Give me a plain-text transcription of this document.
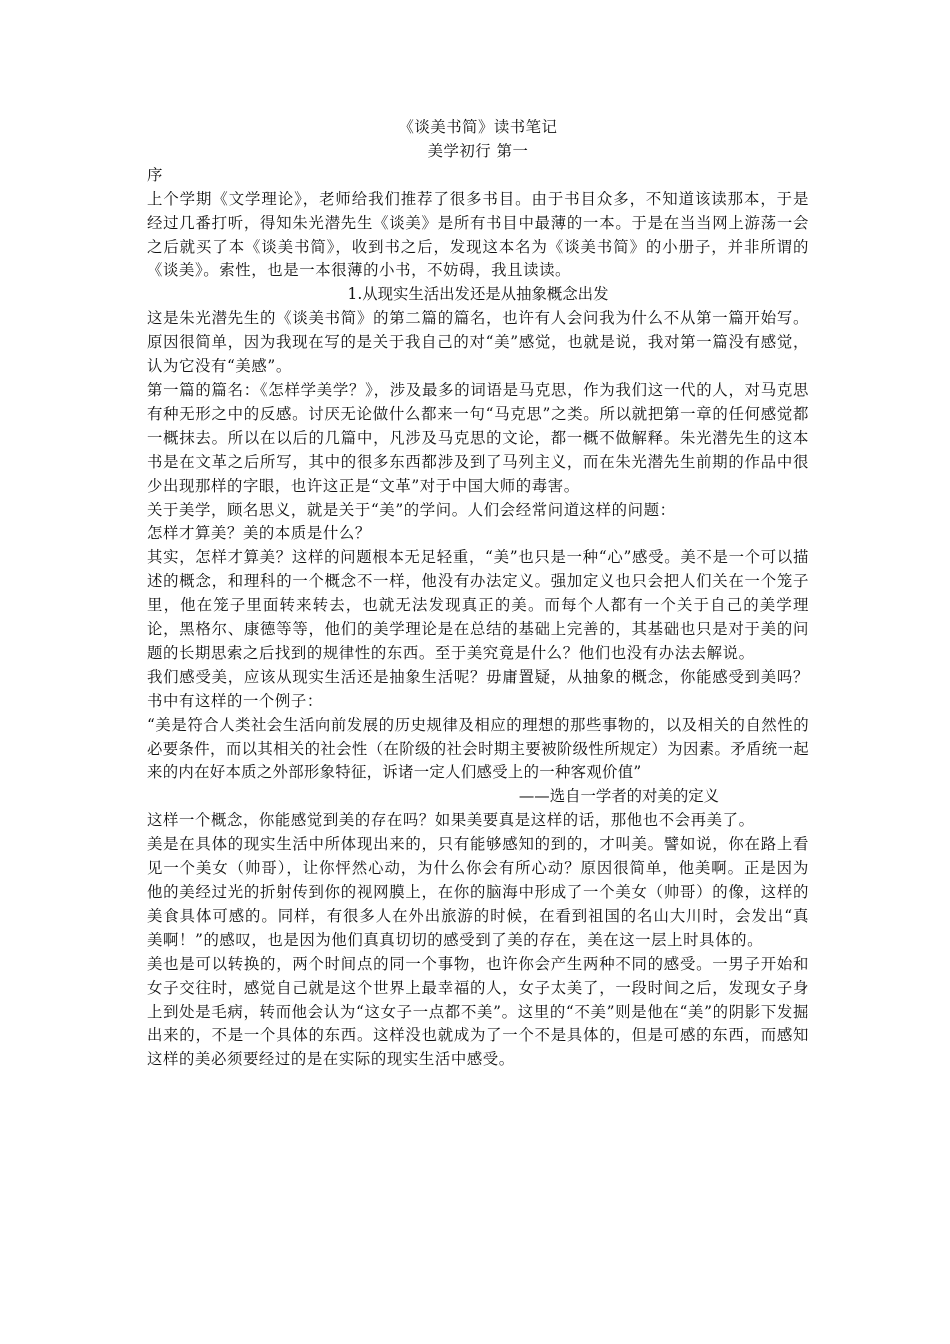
《谈美书简》读书笔记
美学初行 第一
序

上个学期《文学理论》，老师给我们推荐了很多书目。由于书目众多，不知道该读那本，于是经过几番打听，得知朱光潜先生《谈美》是所有书目中最薄的一本。于是在当当网上游荡一会之后就买了本《谈美书简》，收到书之后，发现这本名为《谈美书简》的小册子，并非所谓的《谈美》。索性，也是一本很薄的小书，不妨碍，我且读读。

1.从现实生活出发还是从抽象概念出发

这是朱光潜先生的《谈美书简》的第二篇的篇名，也许有人会问我为什么不从第一篇开始写。原因很简单，因为我现在写的是关于我自己的对“美”感觉，也就是说，我对第一篇没有感觉，认为它没有“美感”。

第一篇的篇名：《怎样学美学？》，涉及最多的词语是马克思，作为我们这一代的人，对马克思有种无形之中的反感。讨厌无论做什么都来一句“马克思”之类。所以就把第一章的任何感觉都一概抹去。所以在以后的几篇中，凡涉及马克思的文论，都一概不做解释。朱光潜先生的这本书是在文革之后所写，其中的很多东西都涉及到了马列主义，而在朱光潜先生前期的作品中很少出现那样的字眼，也许这正是“文革”对于中国大师的毒害。

关于美学，顾名思义，就是关于“美”的学问。人们会经常问道这样的问题：

怎样才算美？美的本质是什么？

其实，怎样才算美？这样的问题根本无足轻重，“美”也只是一种“心”感受。美不是一个可以描述的概念，和理科的一个概念不一样，他没有办法定义。强加定义也只会把人们关在一个笼子里，他在笼子里面转来转去，也就无法发现真正的美。而每个人都有一个关于自己的美学理论，黑格尔、康德等等，他们的美学理论是在总结的基础上完善的，其基础也只是对于美的问题的长期思索之后找到的规律性的东西。至于美究竟是什么？他们也没有办法去解说。

我们感受美，应该从现实生活还是抽象生活呢？毋庸置疑，从抽象的概念，你能感受到美吗？书中有这样的一个例子：

“美是符合人类社会生活向前发展的历史规律及相应的理想的那些事物的，以及相关的自然性的必要条件，而以其相关的社会性（在阶级的社会时期主要被阶级性所规定）为因素。矛盾统一起来的内在好本质之外部形象特征，诉诸一定人们感受上的一种客观价值”

——选自一学者的对美的定义

这样一个概念，你能感觉到美的存在吗？如果美要真是这样的话，那他也不会再美了。

美是在具体的现实生活中所体现出来的，只有能够感知的到的，才叫美。譬如说，你在路上看见一个美女（帅哥），让你怦然心动，为什么你会有所心动？原因很简单，他美啊。正是因为他的美经过光的折射传到你的视网膜上，在你的脑海中形成了一个美女（帅哥）的像，这样的美食具体可感的。同样，有很多人在外出旅游的时候，在看到祖国的名山大川时，会发出“真美啊！”的感叹，也是因为他们真真切切的感受到了美的存在，美在这一层上时具体的。

美也是可以转换的，两个时间点的同一个事物，也许你会产生两种不同的感受。一男子开始和女子交往时，感觉自己就是这个世界上最幸福的人，女子太美了，一段时间之后，发现女子身上到处是毛病，转而他会认为“这女子一点都不美”。这里的“不美”则是他在“美”的阴影下发掘出来的，不是一个具体的东西。这样没也就成为了一个不是具体的，但是可感的东西，而感知这样的美必须要经过的是在实际的现实生活中感受。
